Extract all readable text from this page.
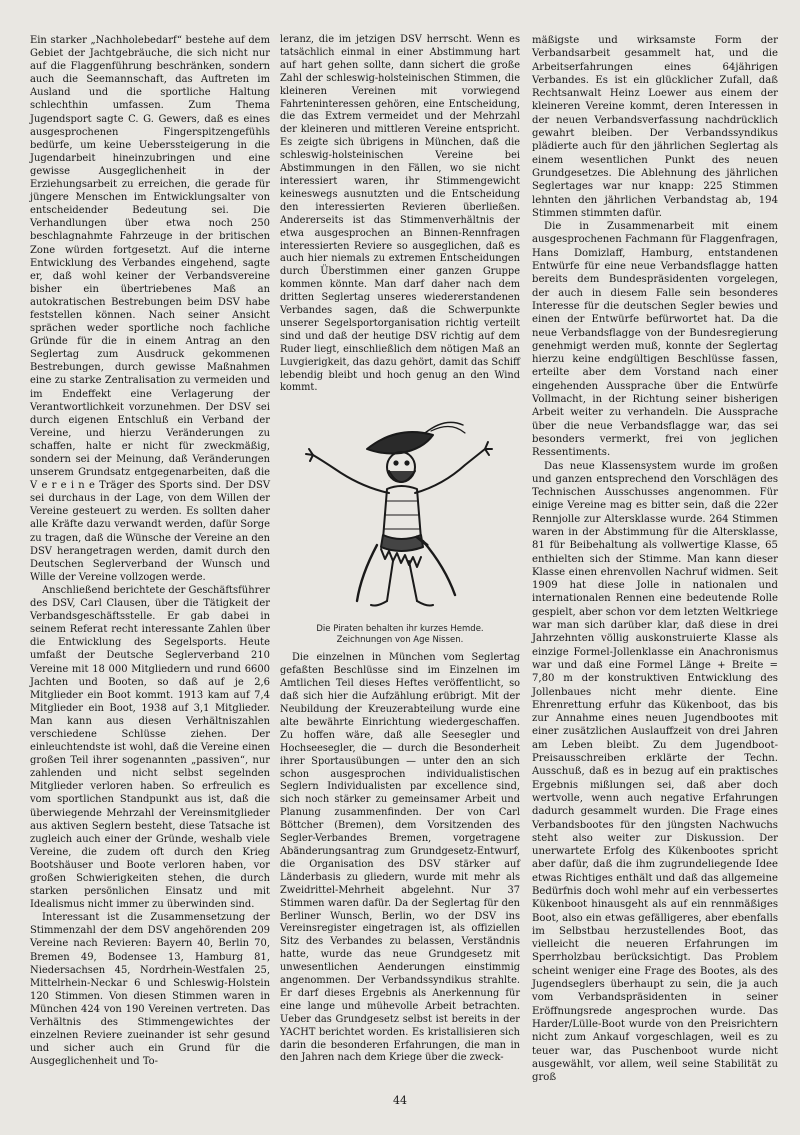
Ein starker „Nachholebedarf“ bestehe auf dem Gebiet der Jachtgebräuche, die sich nicht nur auf die Flaggenführung beschränken, sondern auch die Seemannschaft, das Auftreten im Ausland und die sportliche Haltung schlechthin umfassen. Zum Thema Jugendsport sagte C. G. Gewers, daß es eines ausgesprochenen Fingerspitzengefühls bedürfe, um keine Ueberssteigerung in die Jugendarbeit hineinzubringen und eine gewisse Ausgeglichenheit in der Erziehungsarbeit zu erreichen, die gerade für jüngere Menschen im Entwicklungsalter von entscheidender Bedeutung sei. Die Verhandlungen über etwa noch 250 beschlagnahmte Fahrzeuge in der britischen Zone würden fortgesetzt. Auf die interne Entwicklung des Verbandes eingehend, sagte er, daß wohl keiner der Verbandsvereine bisher ein übertriebenes Maß an autokratischen Bestrebungen beim DSV habe feststellen können. Nach seiner Ansicht sprächen weder sportliche noch fachliche Gründe für die in einem Antrag an den Seglertag zum Ausdruck gekommenen Bestrebungen, durch gewisse Maßnahmen eine zu starke Zentralisation zu vermeiden und im Endeffekt eine Verlagerung der Verantwortlichkeit vorzunehmen. Der DSV sei durch eigenen Entschluß ein Verband der Vereine, und hierzu Veränderungen zu schaffen, halte er nicht für zweckmäßig, sondern sei der Meinung, daß Veränderungen unserem Grundsatz entgegenarbeiten, daß die V e r e i n e Träger des Sports sind. Der DSV sei durchaus in der Lage, von dem Willen der Vereine gesteuert zu werden. Es sollten daher alle Kräfte dazu verwandt werden, dafür Sorge zu tragen, daß die Wünsche der Vereine an den DSV herangetragen werden, damit durch den Deutschen Seglerverband der Wunsch und Wille der Vereine vollzogen werde.

Anschließend berichtete der Geschäftsführer des DSV, Carl Clausen, über die Tätigkeit der Verbandsgeschäftsstelle. Er gab dabei in seinem Referat recht interessante Zahlen über die Entwicklung des Segelsports. Heute umfaßt der Deutsche Seglerverband 210 Vereine mit 18 000 Mitgliedern und rund 6600 Jachten und Booten, so daß auf je 2,6 Mitglieder ein Boot kommt. 1913 kam auf 7,4 Mitglieder ein Boot, 1938 auf 3,1 Mitglieder. Man kann aus diesen Verhältniszahlen verschiedene Schlüsse ziehen. Der einleuchtendste ist wohl, daß die Vereine einen großen Teil ihrer sogenannten „passiven“, nur zahlenden und nicht selbst segelnden Mitglieder verloren haben. So erfreulich es vom sportlichen Standpunkt aus ist, daß die überwiegende Mehrzahl der Vereinsmitglieder aus aktiven Seglern besteht, diese Tatsache ist zugleich auch einer der Gründe, weshalb viele Vereine, die zudem oft durch den Krieg Bootshäuser und Boote verloren haben, vor großen Schwierigkeiten stehen, die durch starken persönlichen Einsatz und mit Idealismus nicht immer zu überwinden sind.

Interessant ist die Zusammensetzung der Stimmenzahl der dem DSV angehörenden 209 Vereine nach Revieren: Bayern 40, Berlin 70, Bremen 49, Bodensee 13, Hamburg 81, Niedersachsen 45, Nordrhein-Westfalen 25, Mittelrhein-Neckar 6 und Schleswig-Holstein 120 Stimmen. Von diesen Stimmen waren in München 424 von 190 Vereinen vertreten. Das Verhältnis des Stimmengewichtes der einzelnen Reviere zueinander ist sehr gesund und sicher auch ein Grund für die Ausgeglichenheit und To-

leranz, die im jetzigen DSV herrscht. Wenn es tatsächlich einmal in einer Abstimmung hart auf hart gehen sollte, dann sichert die große Zahl der schleswig-holsteinischen Stimmen, die kleineren Vereinen mit vorwiegend Fahrteninteressen gehören, eine Entscheidung, die das Extrem vermeidet und der Mehrzahl der kleineren und mittleren Vereine entspricht. Es zeigte sich übrigens in München, daß die schleswig-holsteinischen Vereine bei Abstimmungen in den Fällen, wo sie nicht interessiert waren, ihr Stimmengewicht keineswegs ausnutzten und die Entscheidung den interessierten Revieren überließen. Andererseits ist das Stimmenverhältnis der etwa ausgesprochen an Binnen-Rennfragen interessierten Reviere so ausgeglichen, daß es auch hier niemals zu extremen Entscheidungen durch Überstimmen einer ganzen Gruppe kommen könnte. Man darf daher nach dem dritten Seglertag unseres wiedererstandenen Verbandes sagen, daß die Schwerpunkte unserer Segelsportorganisation richtig verteilt sind und daß der heutige DSV richtig auf dem Ruder liegt, einschließlich dem nötigen Maß an Luvgierigkeit, das dazu gehört, damit das Schiff lebendig bleibt und hoch genug an den Wind kommt.

Die Piraten behalten ihr kurzes Hemde.
Zeichnungen von Age Nissen.

Die einzelnen in München vom Seglertag gefaßten Beschlüsse sind im Einzelnen im Amtlichen Teil dieses Heftes veröffentlicht, so daß sich hier die Aufzählung erübrigt. Mit der Neubildung der Kreuzerabteilung wurde eine alte bewährte Einrichtung wiedergeschaffen. Zu hoffen wäre, daß alle Seesegler und Hochseesegler, die — durch die Besonderheit ihrer Sportausübungen — unter den an sich schon ausgesprochen individualistischen Seglern Individualisten par excellence sind, sich noch stärker zu gemeinsamer Arbeit und Planung zusammenfinden. Der von Carl Böttcher (Bremen), dem Vorsitzenden des Segler-Verbandes Bremen, vorgetragene Abänderungsantrag zum Grundgesetz-Entwurf, die Organisation des DSV stärker auf Länderbasis zu gliedern, wurde mit mehr als Zweidrittel-Mehrheit abgelehnt. Nur 37 Stimmen waren dafür. Da der Seglertag für den Berliner Wunsch, Berlin, wo der DSV ins Vereinsregister eingetragen ist, als offiziellen Sitz des Verbandes zu belassen, Verständnis hatte, wurde das neue Grundgesetz mit unwesentlichen Aenderungen einstimmig angenommen. Der Verbandssyndikus strahlte. Er darf dieses Ergebnis als Anerkennung für eine lange und mühevolle Arbeit betrachten. Ueber das Grundgesetz selbst ist bereits in der YACHT berichtet worden. Es kristallisieren sich darin die besonderen Erfahrungen, die man in den Jahren nach dem Kriege über die zweck-

mäßigste und wirksamste Form der Verbandsarbeit gesammelt hat, und die Arbeitserfahrungen eines 64jährigen Verbandes. Es ist ein glücklicher Zufall, daß Rechtsanwalt Heinz Loewer aus einem der kleineren Vereine kommt, deren Interessen in der neuen Verbandsverfassung nachdrücklich gewahrt bleiben. Der Verbandssyndikus plädierte auch für den jährlichen Seglertag als einem wesentlichen Punkt des neuen Grundgesetzes. Die Ablehnung des jährlichen Seglertages war nur knapp: 225 Stimmen lehnten den jährlichen Verbandstag ab, 194 Stimmen stimmten dafür.

Die in Zusammenarbeit mit einem ausgesprochenen Fachmann für Flaggenfragen, Hans Domizlaff, Hamburg, entstandenen Entwürfe für eine neue Verbandsflagge hatten bereits dem Bundespräsidenten vorgelegen, der auch in diesem Falle sein besonderes Interesse für die deutschen Segler bewies und einen der Entwürfe befürwortet hat. Da die neue Verbandsflagge von der Bundesregierung genehmigt werden muß, konnte der Seglertag hierzu keine endgültigen Beschlüsse fassen, erteilte aber dem Vorstand nach einer eingehenden Aussprache über die Entwürfe Vollmacht, in der Richtung seiner bisherigen Arbeit weiter zu verhandeln. Die Aussprache über die neue Verbandsflagge war, das sei besonders vermerkt, frei von jeglichen Ressentiments.

Das neue Klassensystem wurde im großen und ganzen entsprechend den Vorschlägen des Technischen Ausschusses angenommen. Für einige Vereine mag es bitter sein, daß die 22er Rennjolle zur Altersklasse wurde. 264 Stimmen waren in der Abstimmung für die Altersklasse, 81 für Beibehaltung als vollwertige Klasse, 65 enthielten sich der Stimme. Man kann dieser Klasse einen ehrenvollen Nachruf widmen. Seit 1909 hat diese Jolle in nationalen und internationalen Rennen eine bedeutende Rolle gespielt, aber schon vor dem letzten Weltkriege war man sich darüber klar, daß diese in drei Jahrzehnten völlig auskonstruierte Klasse als einzige Formel-Jollenklasse ein Anachronismus war und daß eine Formel Länge + Breite = 7,80 m der konstruktiven Entwicklung des Jollenbaues nicht mehr diente. Eine Ehrenrettung erfuhr das Kükenboot, das bis zur Annahme eines neuen Jugendbootes mit einer zusätzlichen Auslauffzeit von drei Jahren am Leben bleibt. Zu dem Jugendboot-Preisausschreiben erklärte der Techn. Ausschuß, daß es in bezug auf ein praktisches Ergebnis mißlungen sei, daß aber doch wertvolle, wenn auch negative Erfahrungen dadurch gesammelt wurden. Die Frage eines Verbandsbootes für den jüngsten Nachwuchs steht also weiter zur Diskussion. Der unerwartete Erfolg des Kükenbootes spricht aber dafür, daß die ihm zugrundeliegende Idee etwas Richtiges enthält und daß das allgemeine Bedürfnis doch wohl mehr auf ein verbessertes Kükenboot hinausgeht als auf ein rennmäßiges Boot, also ein etwas gefälligeres, aber ebenfalls im Selbstbau herzustellendes Boot, das vielleicht die neueren Erfahrungen im Sperrholzbau berücksichtigt. Das Problem scheint weniger eine Frage des Bootes, als des Jugendseglers überhaupt zu sein, die ja auch vom Verbandspräsidenten in seiner Eröffnungsrede angesprochen wurde. Das Harder/Lülle-Boot wurde von den Preisrichtern nicht zum Ankauf vorgeschlagen, weil es zu teuer war, das Puschenboot wurde nicht ausgewählt, vor allem, weil seine Stabilität zu groß

44
